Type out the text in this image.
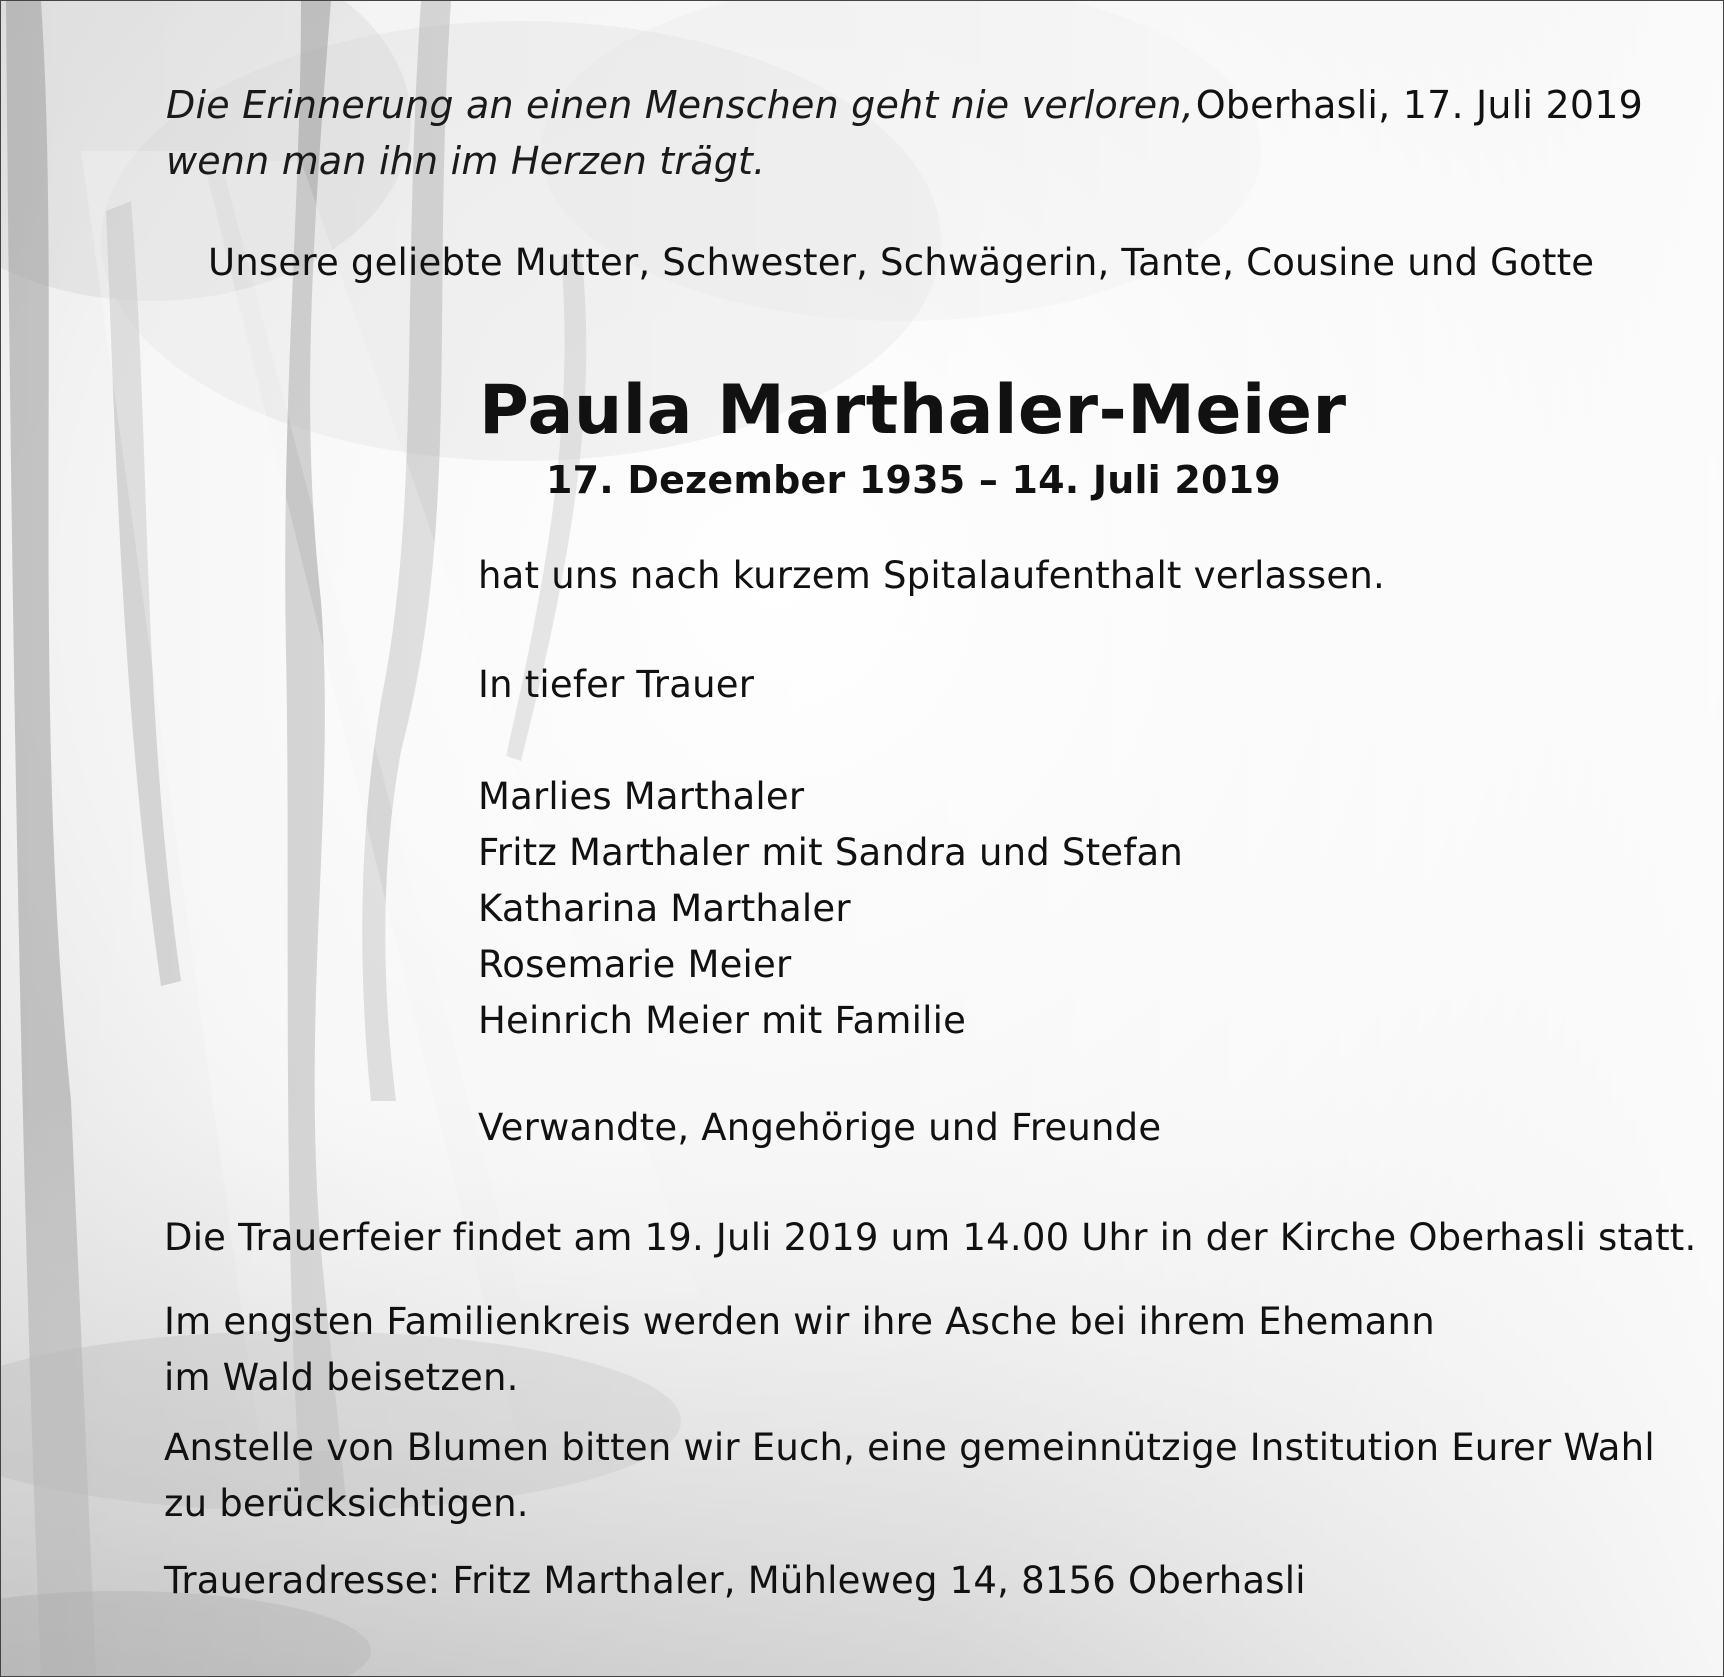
Die Erinnerung an einen Menschen geht nie verloren,
wenn man ihn im Herzen trägt.
Oberhasli, 17. Juli 2019
Unsere geliebte Mutter, Schwester, Schwägerin, Tante, Cousine und Gotte
Paula Marthaler-Meier
17. Dezember 1935 – 14. Juli 2019
hat uns nach kurzem Spitalaufenthalt verlassen.
In tiefer Trauer
Marlies Marthaler
Fritz Marthaler mit Sandra und Stefan
Katharina Marthaler
Rosemarie Meier
Heinrich Meier mit Familie
Verwandte, Angehörige und Freunde
Die Trauerfeier findet am 19. Juli 2019 um 14.00 Uhr in der Kirche Oberhasli statt.
Im engsten Familienkreis werden wir ihre Asche bei ihrem Ehemann
im Wald beisetzen.
Anstelle von Blumen bitten wir Euch, eine gemeinnützige Institution Eurer Wahl
zu berücksichtigen.
Traueradresse: Fritz Marthaler, Mühleweg 14, 8156 Oberhasli
